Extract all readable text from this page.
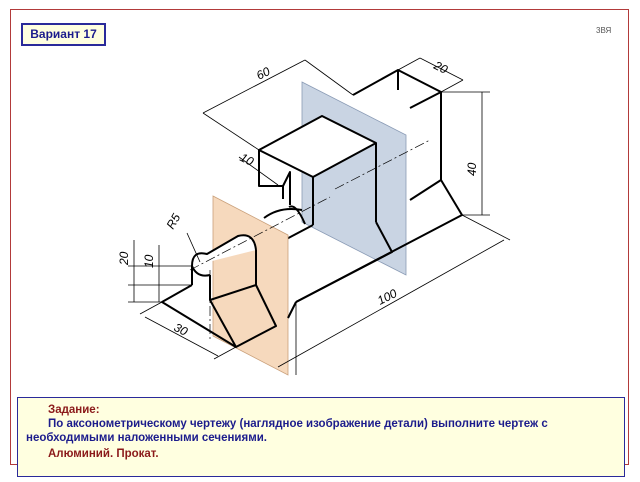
Вариант 17	3ВЯ
60	20
10
40
R5
20 10
30
100
Задание:
По аксонометрическому чертежу (наглядное изображение детали) выполните чертеж с
необходимыми наложенными сечениями.
Алюминий. Прокат.
